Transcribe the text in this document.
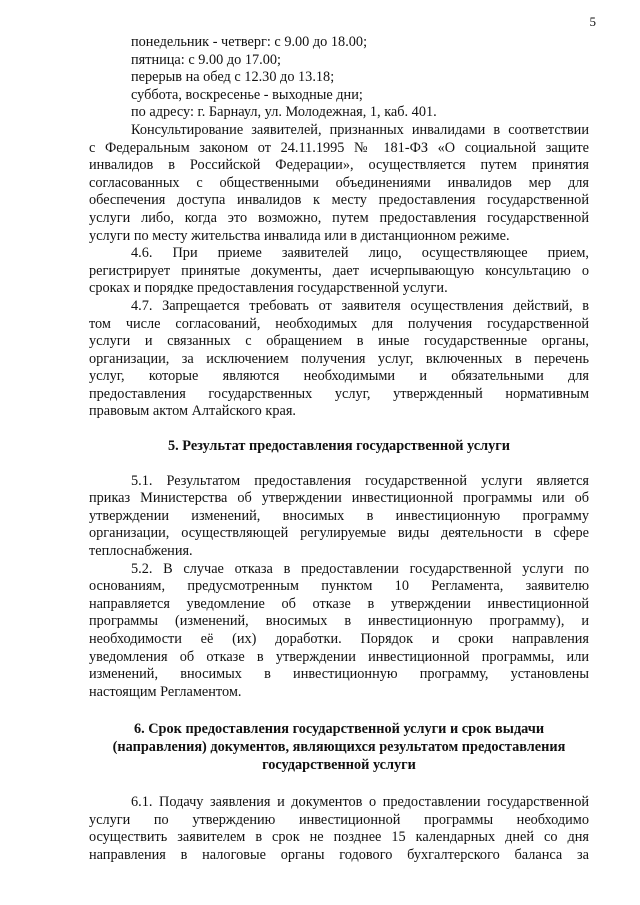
5
понедельник - четверг: с 9.00 до 18.00;
пятница: с 9.00 до 17.00;
перерыв на обед с 12.30 до 13.18;
суббота, воскресенье - выходные дни;
по адресу: г. Барнаул, ул. Молодежная, 1, каб. 401.
Консультирование заявителей, признанных инвалидами в соответствии
с Федеральным законом от 24.11.1995 № 181-ФЗ «О социальной защите
инвалидов в Российской Федерации», осуществляется путем принятия
согласованных с общественными объединениями инвалидов мер для
обеспечения доступа инвалидов к месту предоставления государственной
услуги либо, когда это возможно, путем предоставления государственной
услуги по месту жительства инвалида или в дистанционном режиме.
4.6. При приеме заявителей лицо, осуществляющее прием,
регистрирует принятые документы, дает исчерпывающую консультацию о
сроках и порядке предоставления государственной услуги.
4.7. Запрещается требовать от заявителя осуществления действий, в
том числе согласований, необходимых для получения государственной
услуги и связанных с обращением в иные государственные органы,
организации, за исключением получения услуг, включенных в перечень
услуг, которые являются необходимыми и обязательными для
предоставления государственных услуг, утвержденный нормативным
правовым актом Алтайского края.
5. Результат предоставления государственной услуги
5.1. Результатом предоставления государственной услуги является
приказ Министерства об утверждении инвестиционной программы или об
утверждении изменений, вносимых в инвестиционную программу
организации, осуществляющей регулируемые виды деятельности в сфере
теплоснабжения.
5.2. В случае отказа в предоставлении государственной услуги по
основаниям, предусмотренным пунктом 10 Регламента, заявителю
направляется уведомление об отказе в утверждении инвестиционной
программы (изменений, вносимых в инвестиционную программу), и
необходимости её (их) доработки. Порядок и сроки направления
уведомления об отказе в утверждении инвестиционной программы, или
изменений, вносимых в инвестиционную программу, установлены
настоящим Регламентом.
6. Срок предоставления государственной услуги и срок выдачи
(направления) документов, являющихся результатом предоставления
государственной услуги
6.1. Подачу заявления и документов о предоставлении государственной
услуги по утверждению инвестиционной программы необходимо
осуществить заявителем в срок не позднее 15 календарных дней со дня
направления в налоговые органы годового бухгалтерского баланса за
